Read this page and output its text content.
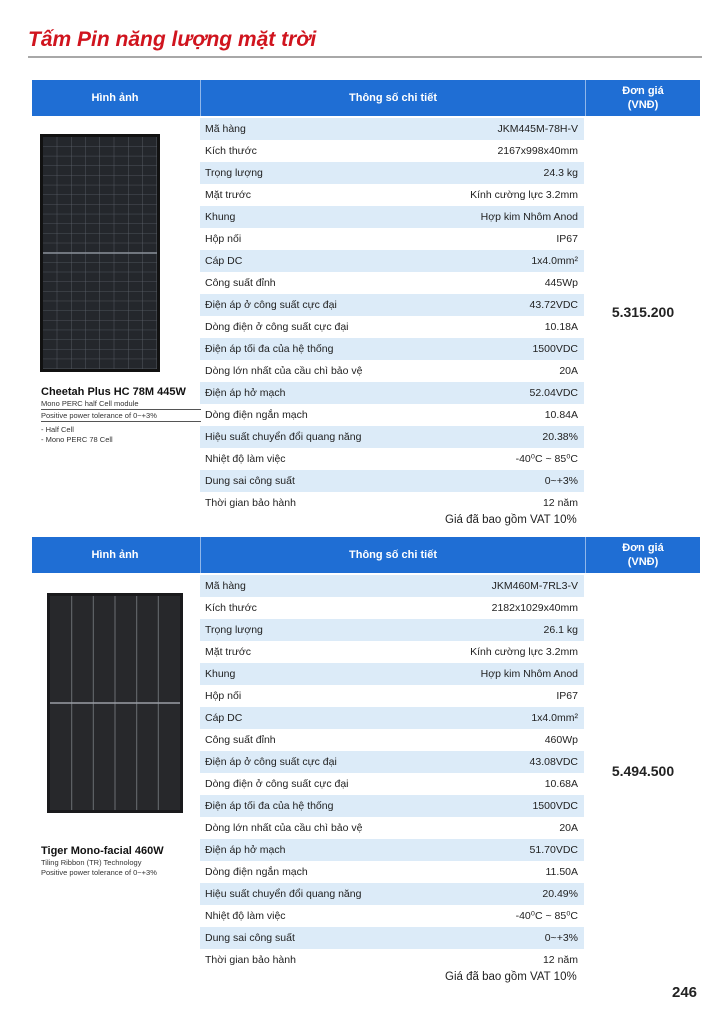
Tấm Pin năng lượng mặt trời
Hình ảnh	Thông số chi tiết
Đơn giá
(VNĐ)

Cheetah Plus HC 78M 445W

Mono PERC half Cell module
Positive power tolerance of 0~+3%
- Half Cell
- Mono PERC 78 Cell
Mã hàng	JKM445M-78H-V
Kích thước	2167x998x40mm
Trọng lượng	24.3 kg
Mặt trước	Kính cường lực 3.2mm
Khung	Hợp kim Nhôm Anod
Hộp nối	IP67
Cáp DC	1x4.0mm²
Công suất đỉnh	445Wp
Điện áp ở công suất cực đại	43.72VDC
Dòng điện ở công suất cực đại	10.18A
Điện áp tối đa của hệ thống	1500VDC
Dòng lớn nhất của cầu chì bảo vệ	20A
Điện áp hở mạch	52.04VDC
Dòng điện ngắn mạch	10.84A
Hiệu suất chuyển đổi quang năng	20.38%
Nhiệt độ làm việc	-40⁰C ~ 85⁰C
Dung sai công suất	0~+3%
Thời gian bảo hành	12 năm
5.315.200
Giá đã bao gồm VAT 10%
Hình ảnh	Thông số chi tiết
Đơn giá
(VNĐ)

Tiger Mono-facial 460W

Tiling Ribbon (TR) Technology
Positive power tolerance of 0~+3%
Mã hàng	JKM460M-7RL3-V
Kích thước	2182x1029x40mm
Trọng lượng	26.1 kg
Mặt trước	Kính cường lực 3.2mm
Khung	Hợp kim Nhôm Anod
Hộp nối	IP67
Cáp DC	1x4.0mm²
Công suất đỉnh	460Wp
Điện áp ở công suất cực đại	43.08VDC
Dòng điện ở công suất cực đại	10.68A
Điện áp tối đa của hệ thống	1500VDC
Dòng lớn nhất của cầu chì bảo vệ	20A
Điện áp hở mạch	51.70VDC
Dòng điện ngắn mạch	11.50A
Hiệu suất chuyển đổi quang năng	20.49%
Nhiệt độ làm việc	-40⁰C ~ 85⁰C
Dung sai công suất	0~+3%
Thời gian bảo hành	12 năm
5.494.500
Giá đã bao gồm VAT 10%
246
